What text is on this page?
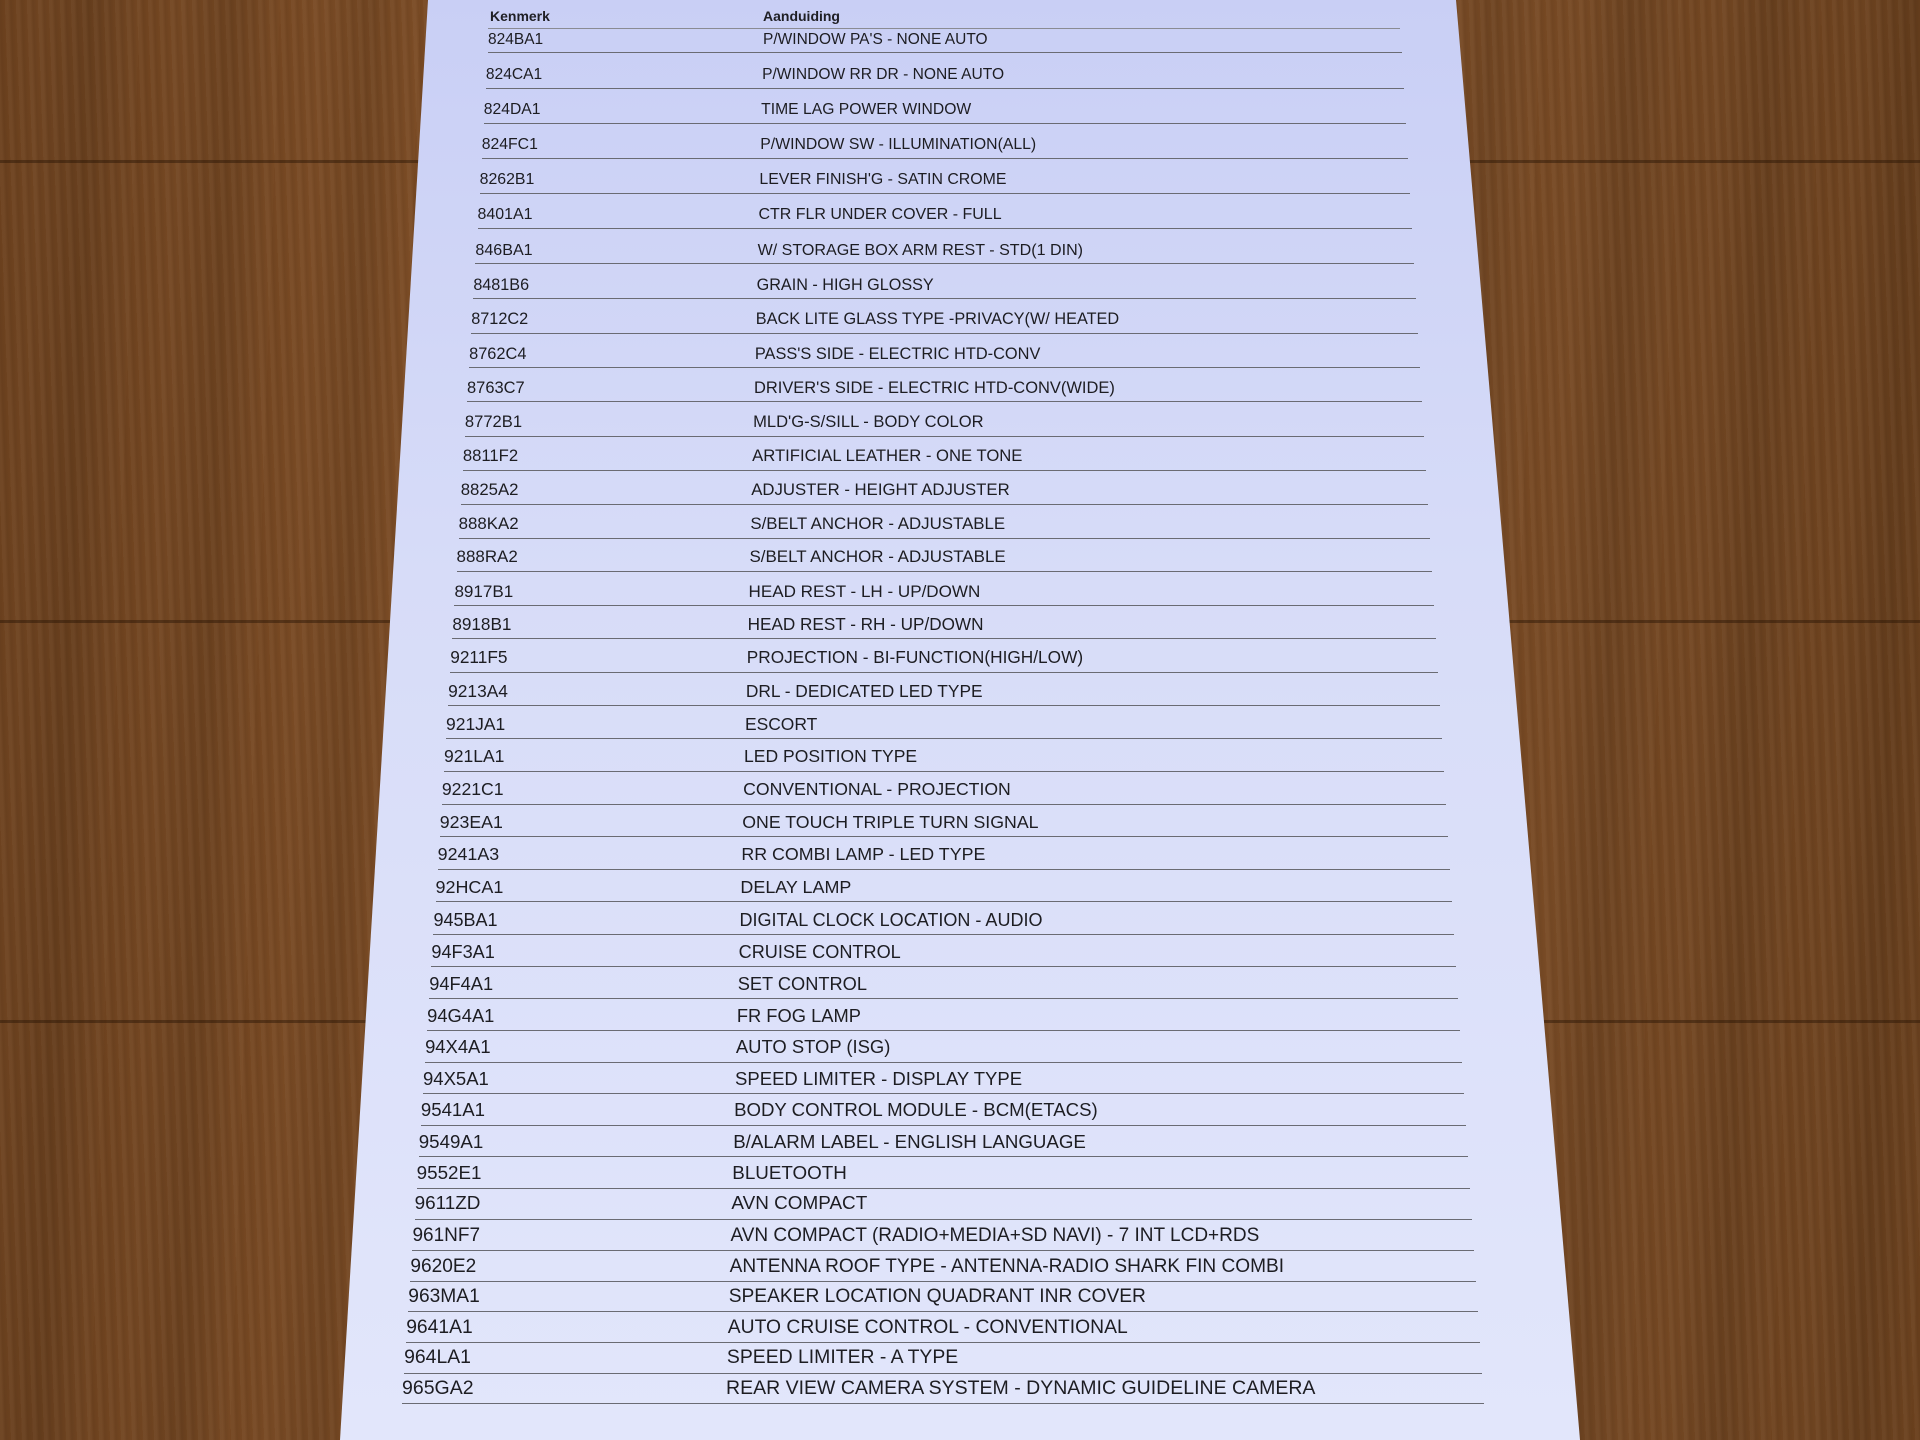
Kenmerk	Aanduiding
824BA1	P/WINDOW PA'S - NONE AUTO
824CA1	P/WINDOW RR DR - NONE AUTO
824DA1	TIME LAG POWER WINDOW
824FC1	P/WINDOW SW - ILLUMINATION(ALL)
8262B1	LEVER FINISH'G - SATIN CROME
8401A1	CTR FLR UNDER COVER - FULL
846BA1	W/ STORAGE BOX ARM REST - STD(1 DIN)
8481B6	GRAIN - HIGH GLOSSY
8712C2	BACK LITE GLASS TYPE -PRIVACY(W/ HEATED
8762C4	PASS'S SIDE - ELECTRIC HTD-CONV
8763C7	DRIVER'S SIDE - ELECTRIC HTD-CONV(WIDE)
8772B1	MLD'G-S/SILL - BODY COLOR
8811F2	ARTIFICIAL LEATHER - ONE TONE
8825A2	ADJUSTER - HEIGHT ADJUSTER
888KA2	S/BELT ANCHOR - ADJUSTABLE
888RA2	S/BELT ANCHOR - ADJUSTABLE
8917B1	HEAD REST - LH - UP/DOWN
8918B1	HEAD REST - RH - UP/DOWN
9211F5	PROJECTION - BI-FUNCTION(HIGH/LOW)
9213A4	DRL - DEDICATED LED TYPE
921JA1	ESCORT
921LA1	LED POSITION TYPE
9221C1	CONVENTIONAL - PROJECTION
923EA1	ONE TOUCH TRIPLE TURN SIGNAL
9241A3	RR COMBI LAMP - LED TYPE
92HCA1	DELAY LAMP
945BA1	DIGITAL CLOCK LOCATION - AUDIO
94F3A1	CRUISE CONTROL
94F4A1	SET CONTROL
94G4A1	FR FOG LAMP
94X4A1	AUTO STOP (ISG)
94X5A1	SPEED LIMITER - DISPLAY TYPE
9541A1	BODY CONTROL MODULE - BCM(ETACS)
9549A1	B/ALARM LABEL - ENGLISH LANGUAGE
9552E1	BLUETOOTH
9611ZD	AVN COMPACT
961NF7	AVN COMPACT (RADIO+MEDIA+SD NAVI) - 7 INT LCD+RDS
9620E2	ANTENNA ROOF TYPE - ANTENNA-RADIO SHARK FIN COMBI
963MA1	SPEAKER LOCATION QUADRANT INR COVER
9641A1	AUTO CRUISE CONTROL - CONVENTIONAL
964LA1	SPEED LIMITER - A TYPE
965GA2	REAR VIEW CAMERA SYSTEM - DYNAMIC GUIDELINE CAMERA
